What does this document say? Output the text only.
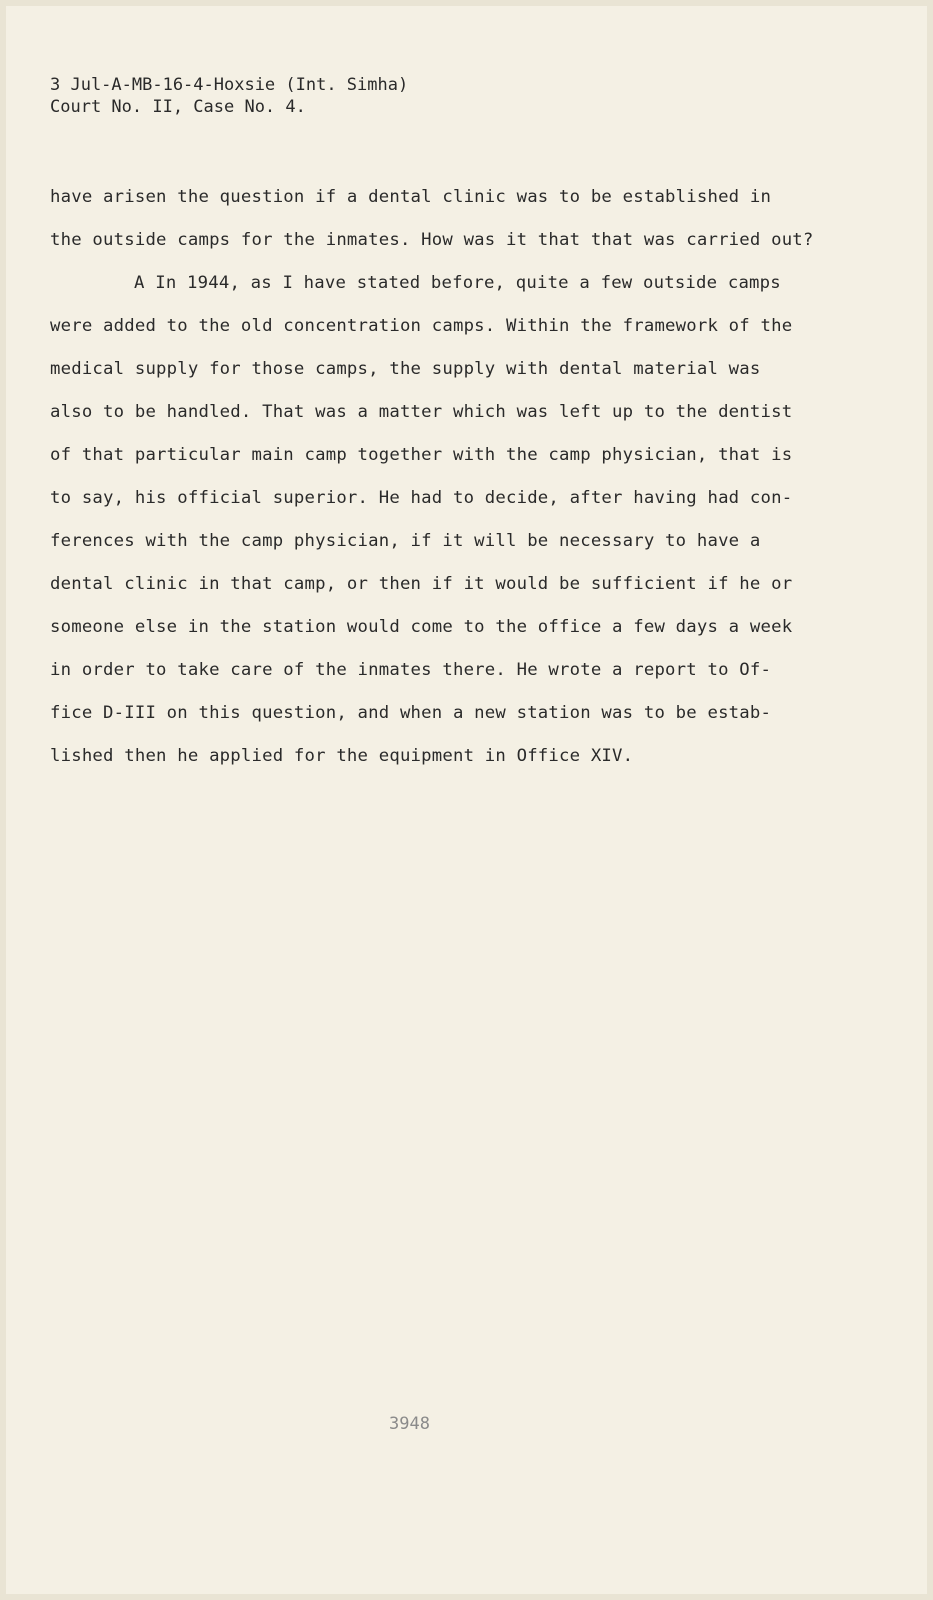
3 Jul-A-MB-16-4-Hoxsie (Int. Simha)
Court No. II, Case No. 4.
have arisen the question if a dental clinic was to be established in
the outside camps for the inmates. How was it that that was carried out?
A In 1944, as I have stated before, quite a few outside camps
were added to the old concentration camps. Within the framework of the
medical supply for those camps, the supply with dental material was
also to be handled. That was a matter which was left up to the dentist
of that particular main camp together with the camp physician, that is
to say, his official superior. He had to decide, after having had con-
ferences with the camp physician, if it will be necessary to have a
dental clinic in that camp, or then if it would be sufficient if he or
someone else in the station would come to the office a few days a week
in order to take care of the inmates there. He wrote a report to Of-
fice D-III on this question, and when a new station was to be estab-
lished then he applied for the equipment in Office XIV.
3948
